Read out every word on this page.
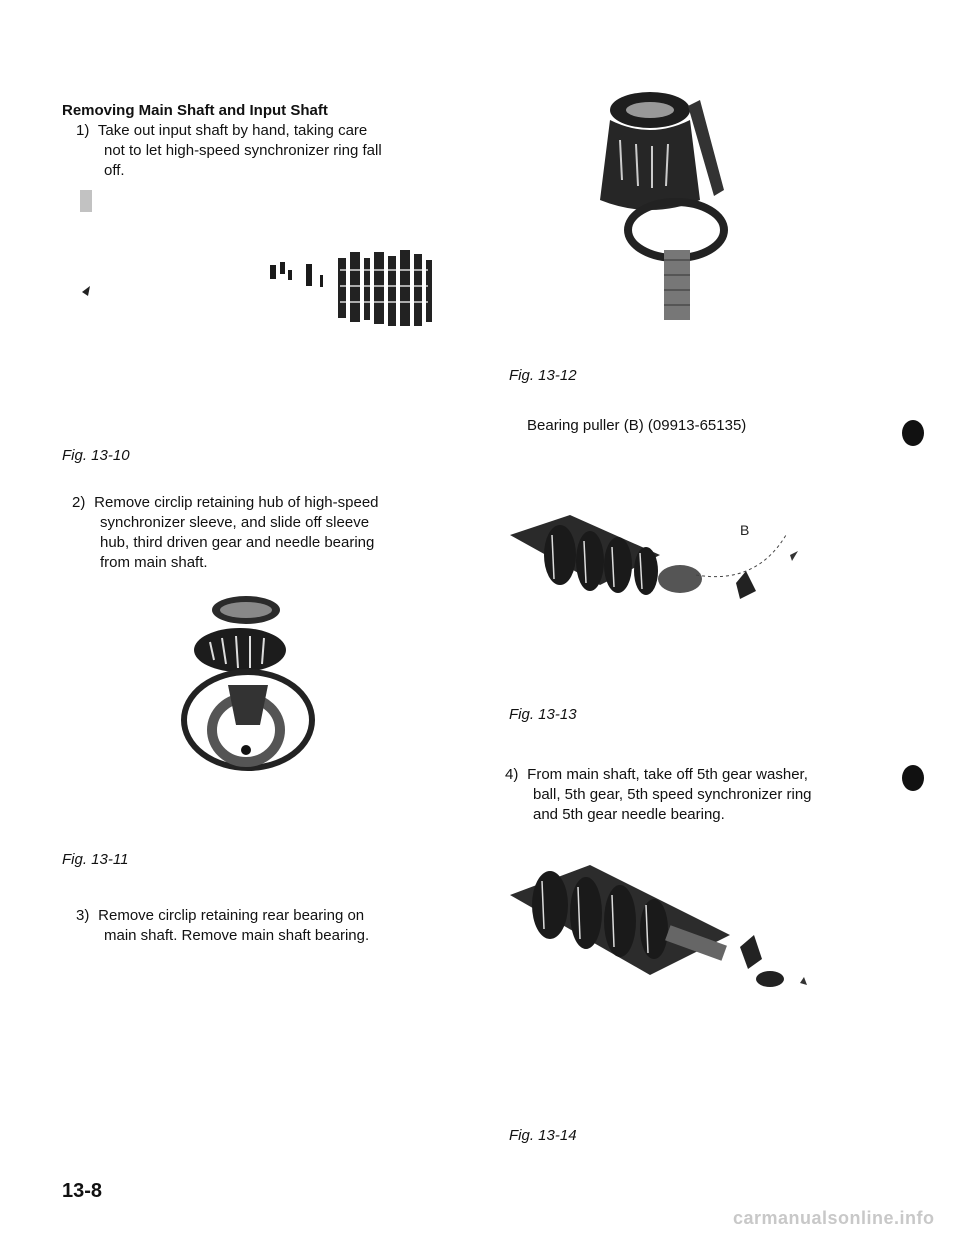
Removing Main Shaft and Input Shaft
1) Take out input shaft by hand, taking care
not to let high-speed synchronizer ring fall
off.
Fig. 13-10
2) Remove circlip retaining hub of high-speed
synchronizer sleeve, and slide off sleeve
hub, third driven gear and needle bearing
from main shaft.
Fig. 13-11
3) Remove circlip retaining rear bearing on
main shaft. Remove main shaft bearing.
13-8
Fig. 13-12
Bearing puller (B) (09913-65135)
B
Fig. 13-13
4) From main shaft, take off 5th gear washer,
ball, 5th gear, 5th speed synchronizer ring
and 5th gear needle bearing.
Fig. 13-14
carmanualsonline.info
